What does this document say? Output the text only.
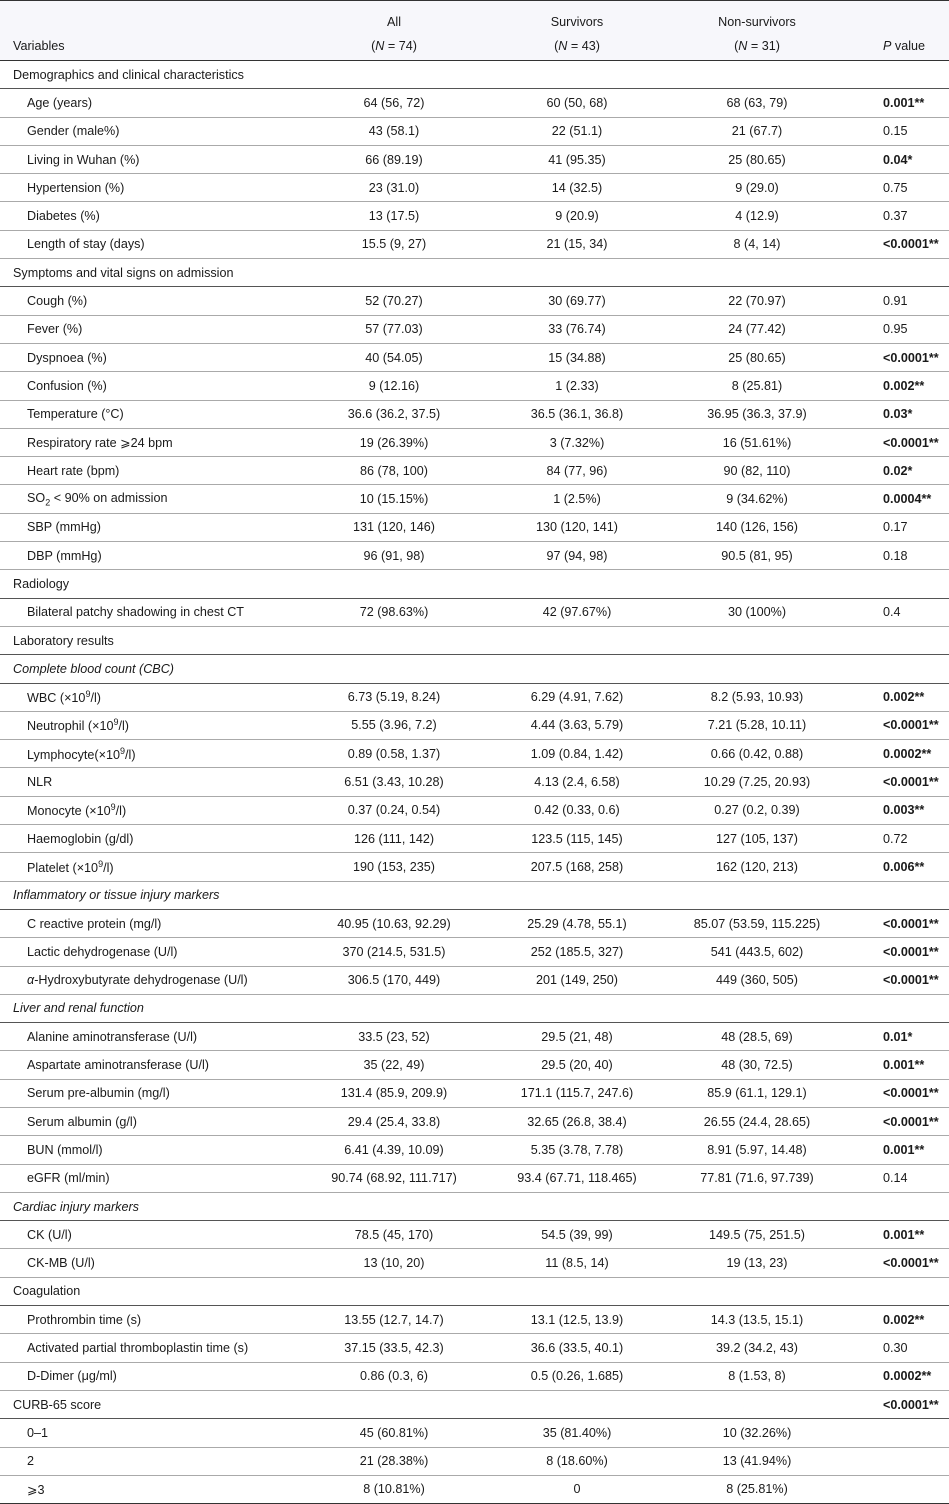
	All	Survivors	Non-survivors	
Variables	(N = 74)	(N = 43)	(N = 31)	P value
Demographics and clinical characteristics				
Age (years)	64 (56, 72)	60 (50, 68)	68 (63, 79)	0.001**
Gender (male%)	43 (58.1)	22 (51.1)	21 (67.7)	0.15
Living in Wuhan (%)	66 (89.19)	41 (95.35)	25 (80.65)	0.04*
Hypertension (%)	23 (31.0)	14 (32.5)	9 (29.0)	0.75
Diabetes (%)	13 (17.5)	9 (20.9)	4 (12.9)	0.37
Length of stay (days)	15.5 (9, 27)	21 (15, 34)	8 (4, 14)	<0.0001**
Symptoms and vital signs on admission				
Cough (%)	52 (70.27)	30 (69.77)	22 (70.97)	0.91
Fever (%)	57 (77.03)	33 (76.74)	24 (77.42)	0.95
Dyspnoea (%)	40 (54.05)	15 (34.88)	25 (80.65)	<0.0001**
Confusion (%)	9 (12.16)	1 (2.33)	8 (25.81)	0.002**
Temperature (°C)	36.6 (36.2, 37.5)	36.5 (36.1, 36.8)	36.95 (36.3, 37.9)	0.03*
Respiratory rate ⩾24 bpm	19 (26.39%)	3 (7.32%)	16 (51.61%)	<0.0001**
Heart rate (bpm)	86 (78, 100)	84 (77, 96)	90 (82, 110)	0.02*
$SO_2 < 90\%$ on admission	10 (15.15%)	1 (2.5%)	9 (34.62%)	0.0004**
SBP (mmHg)	131 (120, 146)	130 (120, 141)	140 (126, 156)	0.17
DBP (mmHg)	96 (91, 98)	97 (94, 98)	90.5 (81, 95)	0.18
Radiology				
Bilateral patchy shadowing in chest CT	72 (98.63%)	42 (97.67%)	30 (100%)	0.4
Laboratory results				
Complete blood count (CBC)				
WBC $(\times 10^9/l)$	6.73 (5.19, 8.24)	6.29 (4.91, 7.62)	8.2 (5.93, 10.93)	0.002**
Neutrophil $(\times 10^9/l)$	5.55 (3.96, 7.2)	4.44 (3.63, 5.79)	7.21 (5.28, 10.11)	<0.0001**
$Lymphocyte(\times 10^9/l)$	0.89 (0.58, 1.37)	1.09 (0.84, 1.42)	0.66 (0.42, 0.88)	0.0002**
NLR	6.51 (3.43, 10.28)	4.13 (2.4, 6.58)	10.29 (7.25, 20.93)	<0.0001**
Monocyte $(\times 10^9/l)$	0.37 (0.24, 0.54)	0.42 (0.33, 0.6)	0.27 (0.2, 0.39)	0.003**
Haemoglobin (g/dl)	126 (111, 142)	123.5 (115, 145)	127 (105, 137)	0.72
Platelet $(\times 10^9/l)$	190 (153, 235)	207.5 (168, 258)	162 (120, 213)	0.006**
Inflammatory or tissue injury markers				
C reactive protein (mg/l)	40.95 (10.63, 92.29)	25.29 (4.78, 55.1)	85.07 (53.59, 115.225)	<0.0001**
Lactic dehydrogenase (U/l)	370 (214.5, 531.5)	252 (185.5, 327)	541 (443.5, 602)	<0.0001**
α-Hydroxybutyrate dehydrogenase (U/l)	306.5 (170, 449)	201 (149, 250)	449 (360, 505)	<0.0001**
Liver and renal function				
Alanine aminotransferase (U/l)	33.5 (23, 52)	29.5 (21, 48)	48 (28.5, 69)	0.01*
Aspartate aminotransferase (U/l)	35 (22, 49)	29.5 (20, 40)	48 (30, 72.5)	0.001**
Serum pre-albumin (mg/l)	131.4 (85.9, 209.9)	171.1 (115.7, 247.6)	85.9 (61.1, 129.1)	<0.0001**
Serum albumin (g/l)	29.4 (25.4, 33.8)	32.65 (26.8, 38.4)	26.55 (24.4, 28.65)	<0.0001**
BUN (mmol/l)	6.41 (4.39, 10.09)	5.35 (3.78, 7.78)	8.91 (5.97, 14.48)	0.001**
eGFR (ml/min)	90.74 (68.92, 111.717)	93.4 (67.71, 118.465)	77.81 (71.6, 97.739)	0.14
Cardiac injury markers				
CK (U/l)	78.5 (45, 170)	54.5 (39, 99)	149.5 (75, 251.5)	0.001**
CK-MB (U/l)	13 (10, 20)	11 (8.5, 14)	19 (13, 23)	<0.0001**
Coagulation				
Prothrombin time (s)	13.55 (12.7, 14.7)	13.1 (12.5, 13.9)	14.3 (13.5, 15.1)	0.002**
Activated partial thromboplastin time (s)	37.15 (33.5, 42.3)	36.6 (33.5, 40.1)	39.2 (34.2, 43)	0.30
D-Dimer (μg/ml)	0.86 (0.3, 6)	0.5 (0.26, 1.685)	8 (1.53, 8)	0.0002**
CURB-65 score				<0.0001**
0–1	45 (60.81%)	35 (81.40%)	10 (32.26%)	
2	21 (28.38%)	8 (18.60%)	13 (41.94%)	
⩾3	8 (10.81%)	0	8 (25.81%)	
